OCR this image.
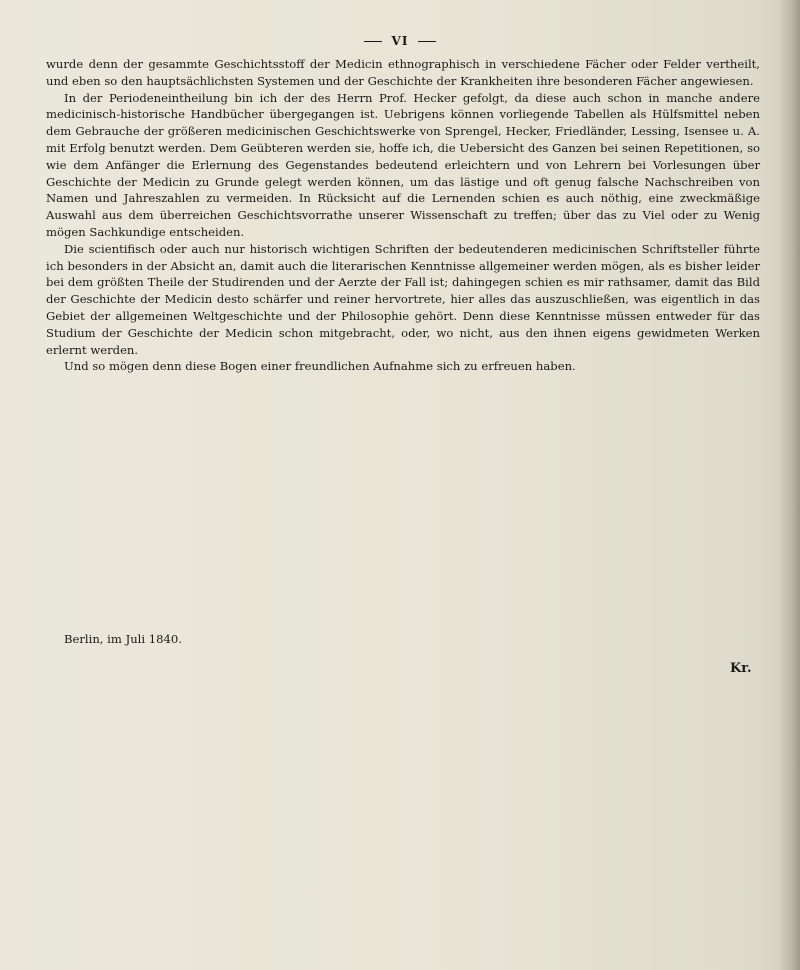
VI

wurde denn der gesammte Geschichtsstoff der Medicin ethnographisch in verschiedene Fächer oder Felder vertheilt, und eben so den hauptsächlichsten Systemen und der Geschichte der Krankheiten ihre besonderen Fächer angewiesen.

In der Periodeneintheilung bin ich der des Herrn Prof. Hecker gefolgt, da diese auch schon in manche andere medicinisch-historische Handbücher übergegangen ist. Uebrigens können vorliegende Tabellen als Hülfsmittel neben dem Gebrauche der größeren medicinischen Geschichtswerke von Sprengel, Hecker, Friedländer, Lessing, Isensee u. A. mit Erfolg benutzt werden. Dem Geübteren werden sie, hoffe ich, die Uebersicht des Ganzen bei seinen Repetitionen, so wie dem Anfänger die Erlernung des Gegenstandes bedeutend erleichtern und von Lehrern bei Vorlesungen über Geschichte der Medicin zu Grunde gelegt werden können, um das lästige und oft genug falsche Nachschreiben von Namen und Jahreszahlen zu vermeiden. In Rücksicht auf die Lernenden schien es auch nöthig, eine zweckmäßige Auswahl aus dem überreichen Geschichtsvorrathe unserer Wissenschaft zu treffen; über das zu Viel oder zu Wenig mögen Sachkundige entscheiden.

Die scientifisch oder auch nur historisch wichtigen Schriften der bedeutenderen medicinischen Schriftsteller führte ich besonders in der Absicht an, damit auch die literarischen Kenntnisse allgemeiner werden mögen, als es bisher leider bei dem größten Theile der Studirenden und der Aerzte der Fall ist; dahingegen schien es mir rathsamer, damit das Bild der Geschichte der Medicin desto schärfer und reiner hervortrete, hier alles das auszuschließen, was eigentlich in das Gebiet der allgemeinen Weltgeschichte und der Philosophie gehört. Denn diese Kenntnisse müssen entweder für das Studium der Geschichte der Medicin schon mitgebracht, oder, wo nicht, aus den ihnen eigens gewidmeten Werken erlernt werden.

Und so mögen denn diese Bogen einer freundlichen Aufnahme sich zu erfreuen haben.

Berlin, im Juli 1840.
Kr.
